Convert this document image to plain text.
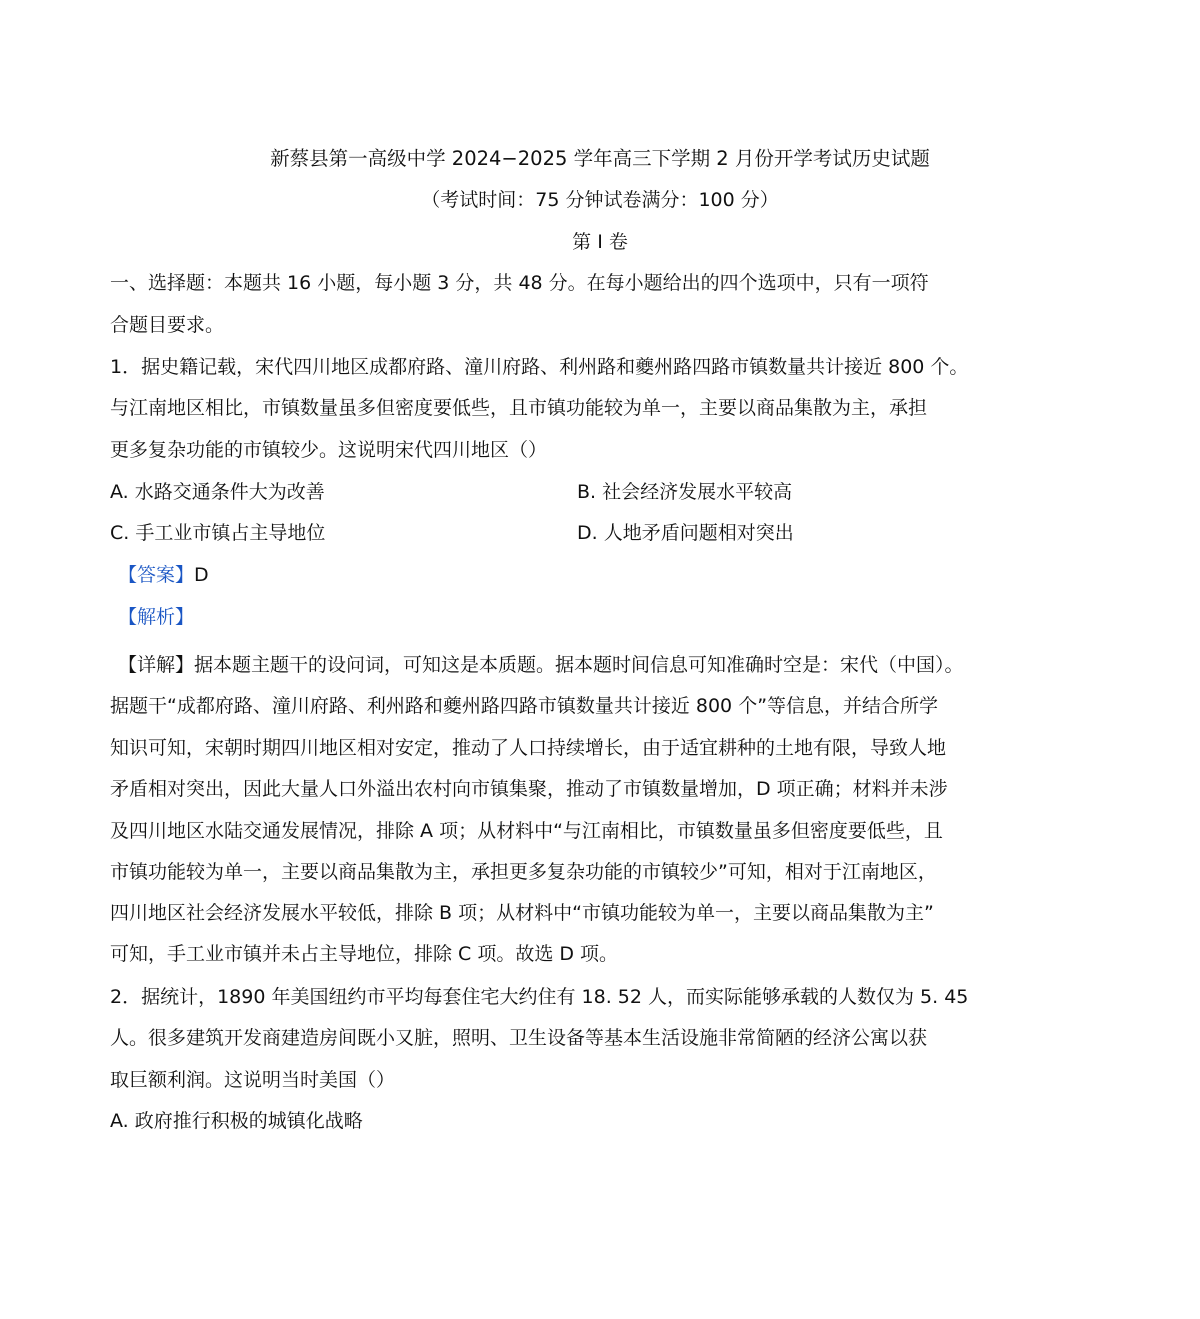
新蔡县第一高级中学 2024−2025 学年高三下学期 2 月份开学考试历史试题
（考试时间：75 分钟试卷满分：100 分）
第 I 卷
一、选择题：本题共 16 小题，每小题 3 分，共 48 分。在每小题给出的四个选项中，只有一项符
合题目要求。
1．据史籍记载，宋代四川地区成都府路、潼川府路、利州路和夔州路四路市镇数量共计接近 800 个。
与江南地区相比，市镇数量虽多但密度要低些，且市镇功能较为单一，主要以商品集散为主，承担
更多复杂功能的市镇较少。这说明宋代四川地区（）
A. 水路交通条件大为改善	B. 社会经济发展水平较高
C. 手工业市镇占主导地位	D. 人地矛盾问题相对突出
【答案】D
【解析】
【详解】据本题主题干的设问词，可知这是本质题。据本题时间信息可知准确时空是：宋代（中国）。
据题干“成都府路、潼川府路、利州路和夔州路四路市镇数量共计接近 800 个”等信息，并结合所学
知识可知，宋朝时期四川地区相对安定，推动了人口持续增长，由于适宜耕种的土地有限，导致人地
矛盾相对突出，因此大量人口外溢出农村向市镇集聚，推动了市镇数量增加，D 项正确；材料并未涉
及四川地区水陆交通发展情况，排除 A 项；从材料中“与江南相比，市镇数量虽多但密度要低些，且
市镇功能较为单一，主要以商品集散为主，承担更多复杂功能的市镇较少”可知，相对于江南地区，
四川地区社会经济发展水平较低，排除 B 项；从材料中“市镇功能较为单一，主要以商品集散为主”
可知，手工业市镇并未占主导地位，排除 C 项。故选 D 项。
2．据统计，1890 年美国纽约市平均每套住宅大约住有 18. 52 人，而实际能够承载的人数仅为 5. 45
人。很多建筑开发商建造房间既小又脏，照明、卫生设备等基本生活设施非常简陋的经济公寓以获
取巨额利润。这说明当时美国（）
A. 政府推行积极的城镇化战略
